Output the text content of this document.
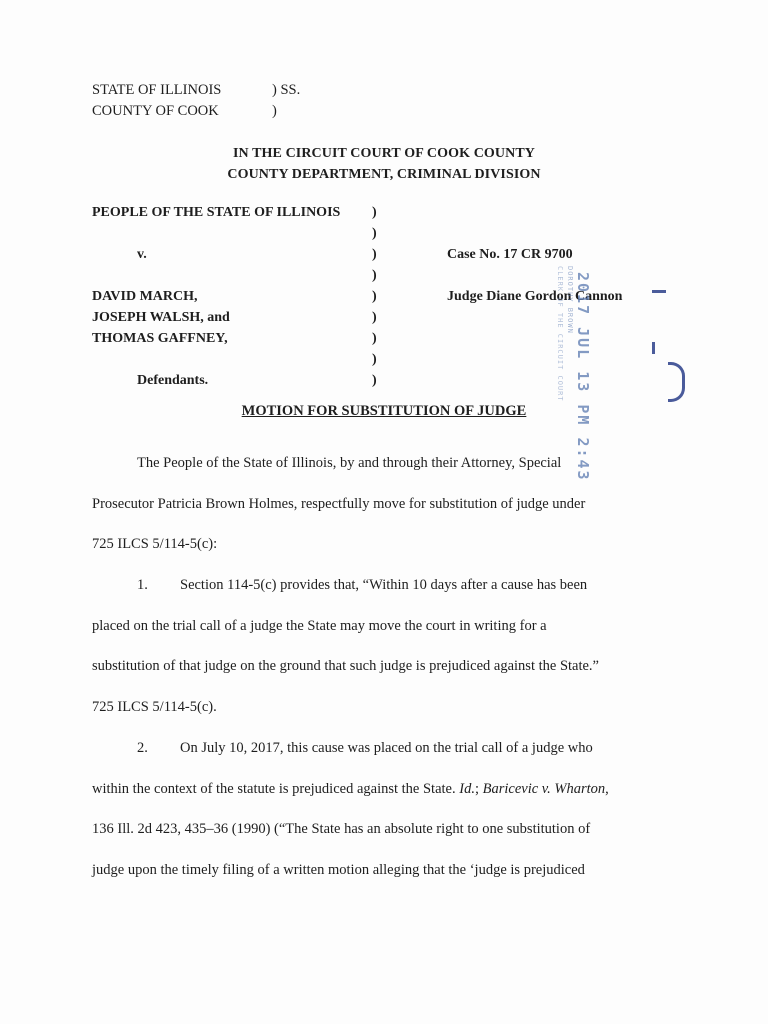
STATE OF ILLINOIS	) SS.
COUNTY OF COOK	)
IN THE CIRCUIT COURT OF COOK COUNTY
COUNTY DEPARTMENT, CRIMINAL DIVISION
PEOPLE OF THE STATE OF ILLINOIS
v.
DAVID MARCH,
JOSEPH WALSH, and
THOMAS GAFFNEY,
Defendants.
)
)
)
)
)
)
)
)
)
Case No. 17 CR 9700
Judge Diane Gordon Cannon
CLERK OF THE CIRCUIT COURT DOROTHY BROWN 2017 JUL 13 PM 2:43
MOTION FOR SUBSTITUTION OF JUDGE
The People of the State of Illinois, by and through their Attorney, Special
Prosecutor Patricia Brown Holmes, respectfully move for substitution of judge under
725 ILCS 5/114-5(c):
1. Section 114-5(c) provides that, “Within 10 days after a cause has been
placed on the trial call of a judge the State may move the court in writing for a
substitution of that judge on the ground that such judge is prejudiced against the State.”
725 ILCS 5/114-5(c).
2. On July 10, 2017, this cause was placed on the trial call of a judge who
within the context of the statute is prejudiced against the State. Id.; Baricevic v. Wharton,
136 Ill. 2d 423, 435–36 (1990) (“The State has an absolute right to one substitution of
judge upon the timely filing of a written motion alleging that the ‘judge is prejudiced
